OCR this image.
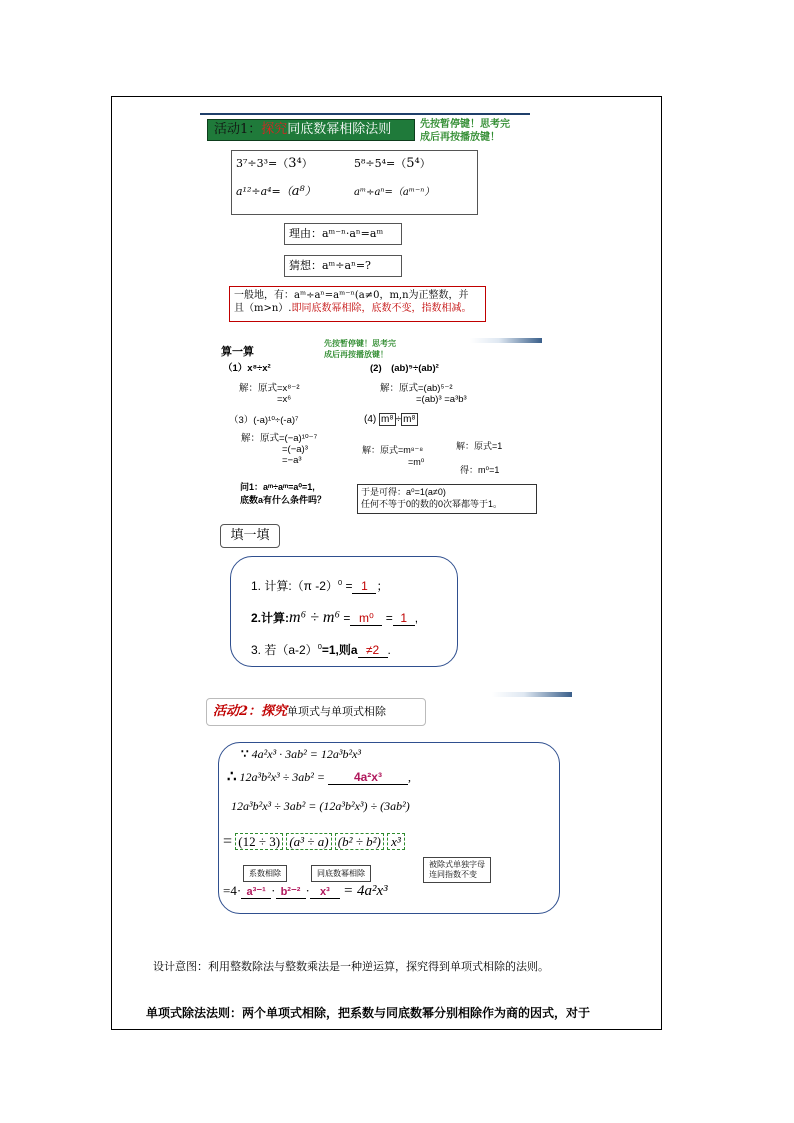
活动1：探究同底数幂相除法则	先按暂停键！思考完
成后再按播放键！
3⁷÷3³=（3⁴）	5⁸÷5⁴=（5⁴）
a¹²÷a⁴=（a⁸）	aᵐ÷aⁿ=（aᵐ⁻ⁿ）
理由：aᵐ⁻ⁿ·aⁿ=aᵐ
猜想：aᵐ÷aⁿ=?
一般地，有：aᵐ÷aⁿ=aᵐ⁻ⁿ(a≠0，m,n为正整数，并
且（m>n）.即同底数幂相除，底数不变，指数相减。
算一算
先按暂停键！思考完
成后再按播放键！
（1）x⁸÷x²
解：原式=x⁸⁻²
=x⁶
(2)　(ab)⁵÷(ab)²
解：原式=(ab)⁵⁻²
=(ab)³ =a³b³
（3）(-a)¹⁰÷(-a)⁷
解：原式=(−a)¹⁰⁻⁷
=(−a)³
=−a³
(4) m⁸ ÷ m⁸
解：原式=m⁸⁻⁸
=m⁰
解：原式=1
得：m⁰=1
问1：aᵐ÷aᵐ=a⁰=1,
底数a有什么条件吗？
于是可得：a⁰=1(a≠0)
任何不等于0的数的0次幂都等于1。
填一填
1. 计算:（π -2）$^0$ = 1 ；
2.计算:m⁶ ÷ m⁶ = m⁰ = 1 ,
3. 若$(a-2)^0=1$,则a ≠2 .
活动2：探究单项式与单项式相除
∵ 4a²x³ · 3ab² = 12a³b²x³
∴ 12a³b²x³ ÷ 3ab² = 4a²x³ ,
12a³b²x³ ÷ 3ab² = (12a³b²x³) ÷ (3ab²)
= (12 ÷ 3) (a³ ÷ a) (b² ÷ b²) x³
系数相除	同底数幂相除
被除式单独字母
连同指数不变
=4· a³⁻¹ · b²⁻² · x³ = 4a²x³
设计意图：利用整数除法与整数乘法是一种逆运算，探究得到单项式相除的法则。
单项式除法法则：两个单项式相除，把系数与同底数幂分别相除作为商的因式，对于
